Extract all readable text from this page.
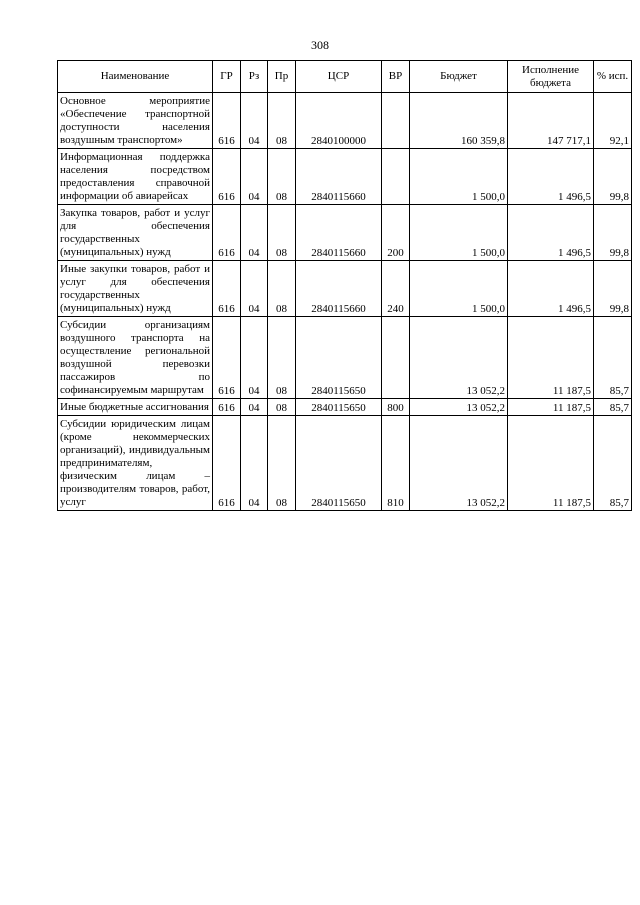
308
Наименование	ГР	Рз	Пр	ЦСР	ВР	Бюджет	Исполнение бюджета	% исп.
Основное мероприятие «Обеспечение транспортной доступности населения воздушным транспортом»	616	04	08	2840100000		160 359,8	147 717,1	92,1
Информационная поддержка населения посредством предоставления справочной информации об авиарейсах	616	04	08	2840115660		1 500,0	1 496,5	99,8
Закупка товаров, работ и услуг для обеспечения государственных (муниципальных) нужд	616	04	08	2840115660	200	1 500,0	1 496,5	99,8
Иные закупки товаров, работ и услуг для обеспечения государственных (муниципальных) нужд	616	04	08	2840115660	240	1 500,0	1 496,5	99,8
Субсидии организациям воздушного транспорта на осуществление региональной воздушной перевозки пассажиров по софинансируемым маршрутам	616	04	08	2840115650		13 052,2	11 187,5	85,7
Иные бюджетные ассигнования	616	04	08	2840115650	800	13 052,2	11 187,5	85,7
Субсидии юридическим лицам (кроме некоммерческих организаций), индивидуальным предпринимателям, физическим лицам – производителям товаров, работ, услуг	616	04	08	2840115650	810	13 052,2	11 187,5	85,7
